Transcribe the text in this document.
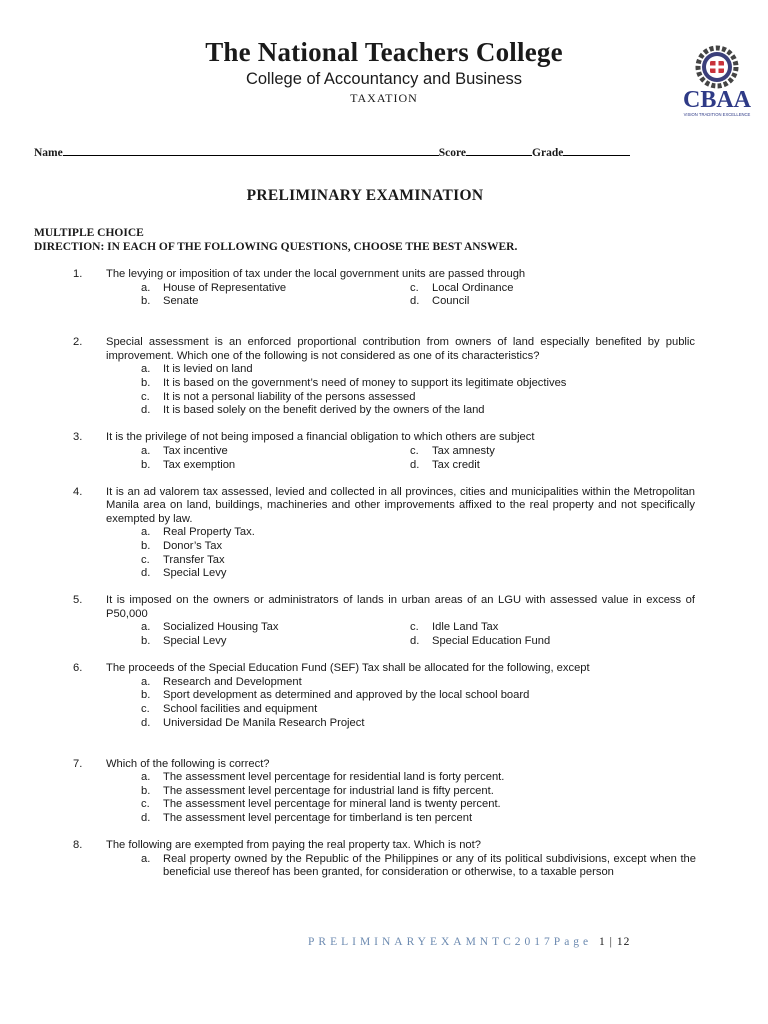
The National Teachers College
College of Accountancy and Business
TAXATION	CBAA
VISION TRADITION EXCELLENCE
Name	Score	Grade
PRELIMINARY EXAMINATION
MULTIPLE CHOICE
DIRECTION: IN EACH OF THE FOLLOWING QUESTIONS, CHOOSE THE BEST ANSWER.
1. The levying or imposition of tax under the local government units are passed through
a.	House of Representative	c.	Local Ordinance
b.	Senate	d.	Council
2. Special assessment is an enforced proportional contribution from owners of land especially benefited by public improvement. Which one of the following is not considered as one of its characteristics?
a.	It is levied on land
b.	It is based on the government’s need of money to support its legitimate objectives
c.	It is not a personal liability of the persons assessed
d.	It is based solely on the benefit derived by the owners of the land
3. It is the privilege of not being imposed a financial obligation to which others are subject
a.	Tax incentive	c.	Tax amnesty
b.	Tax exemption	d.	Tax credit
4. It is an ad valorem tax assessed, levied and collected in all provinces, cities and municipalities within the Metropolitan Manila area on land, buildings, machineries and other improvements affixed to the real property and not specifically exempted by law.
a.	Real Property Tax.
b.	Donor’s Tax
c.	Transfer Tax
d.	Special Levy
5. It is imposed on the owners or administrators of lands in urban areas of an LGU with assessed value in excess of P50,000
a.	Socialized Housing Tax	c.	Idle Land Tax
b.	Special Levy	d.	Special Education Fund
6. The proceeds of the Special Education Fund (SEF) Tax shall be allocated for the following, except
a.	Research and Development
b.	Sport development as determined and approved by the local school board
c.	School facilities and equipment
d.	Universidad De Manila Research Project
7. Which of the following is correct?
a.	The assessment level percentage for residential land is forty percent.
b.	The assessment level percentage for industrial land is fifty percent.
c.	The assessment level percentage for mineral land is twenty percent.
d.	The assessment level percentage for timberland is ten percent
8. The following are exempted from paying the real property tax. Which is not?
a.	Real property owned by the Republic of the Philippines or any of its political subdivisions, except when the beneficial use thereof has been granted, for consideration or otherwise, to a taxable person
PRELIMINARYEXAMNTC2017Page 1 | 12
